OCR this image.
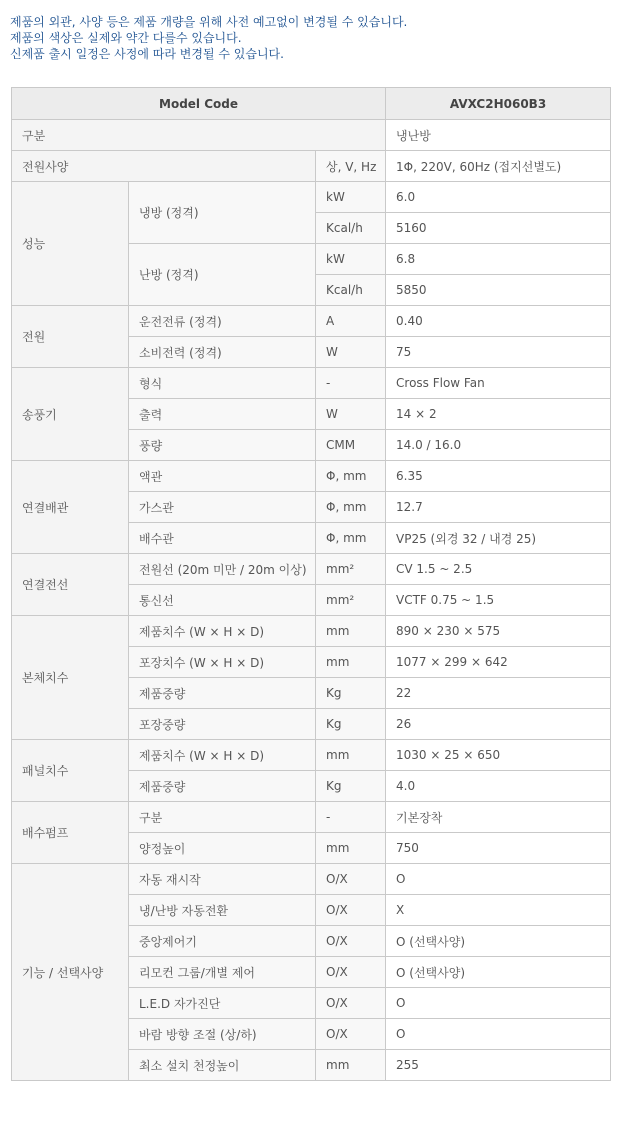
제품의 외관, 사양 등은 제품 개량을 위해 사전 예고없이 변경될 수 있습니다.
제품의 색상은 실제와 약간 다를수 있습니다.
신제품 출시 일정은 사정에 따라 변경될 수 있습니다.
Model Code			AVXC2H060B3
구분			냉난방
전원사양		상, V, Hz	1Φ, 220V, 60Hz (접지선별도)
성능	냉방 (정격)	kW	6.0
		Kcal/h	5160
	난방 (정격)	kW	6.8
		Kcal/h	5850
전원	운전전류 (정격)	A	0.40
	소비전력 (정격)	W	75
송풍기	형식	-	Cross Flow Fan
	출력	W	14 × 2
	풍량	CMM	14.0 / 16.0
연결배관	액관	Φ, mm	6.35
	가스관	Φ, mm	12.7
	배수관	Φ, mm	VP25 (외경 32 / 내경 25)
연결전선	전원선 (20m 미만 / 20m 이상)	mm²	CV 1.5 ~ 2.5
	통신선	mm²	VCTF 0.75 ~ 1.5
본체치수	제품치수 (W × H × D)	mm	890 × 230 × 575
	포장치수 (W × H × D)	mm	1077 × 299 × 642
	제품중량	Kg	22
	포장중량	Kg	26
패널치수	제품치수 (W × H × D)	mm	1030 × 25 × 650
	제품중량	Kg	4.0
배수펌프	구분	-	기본장착
	양정높이	mm	750
기능 / 선택사양	자동 재시작	O/X	O
	냉/난방 자동전환	O/X	X
	중앙제어기	O/X	O (선택사양)
	리모컨 그룹/개별 제어	O/X	O (선택사양)
	L.E.D 자가진단	O/X	O
	바람 방향 조절 (상/하)	O/X	O
	최소 설치 천정높이	mm	255
